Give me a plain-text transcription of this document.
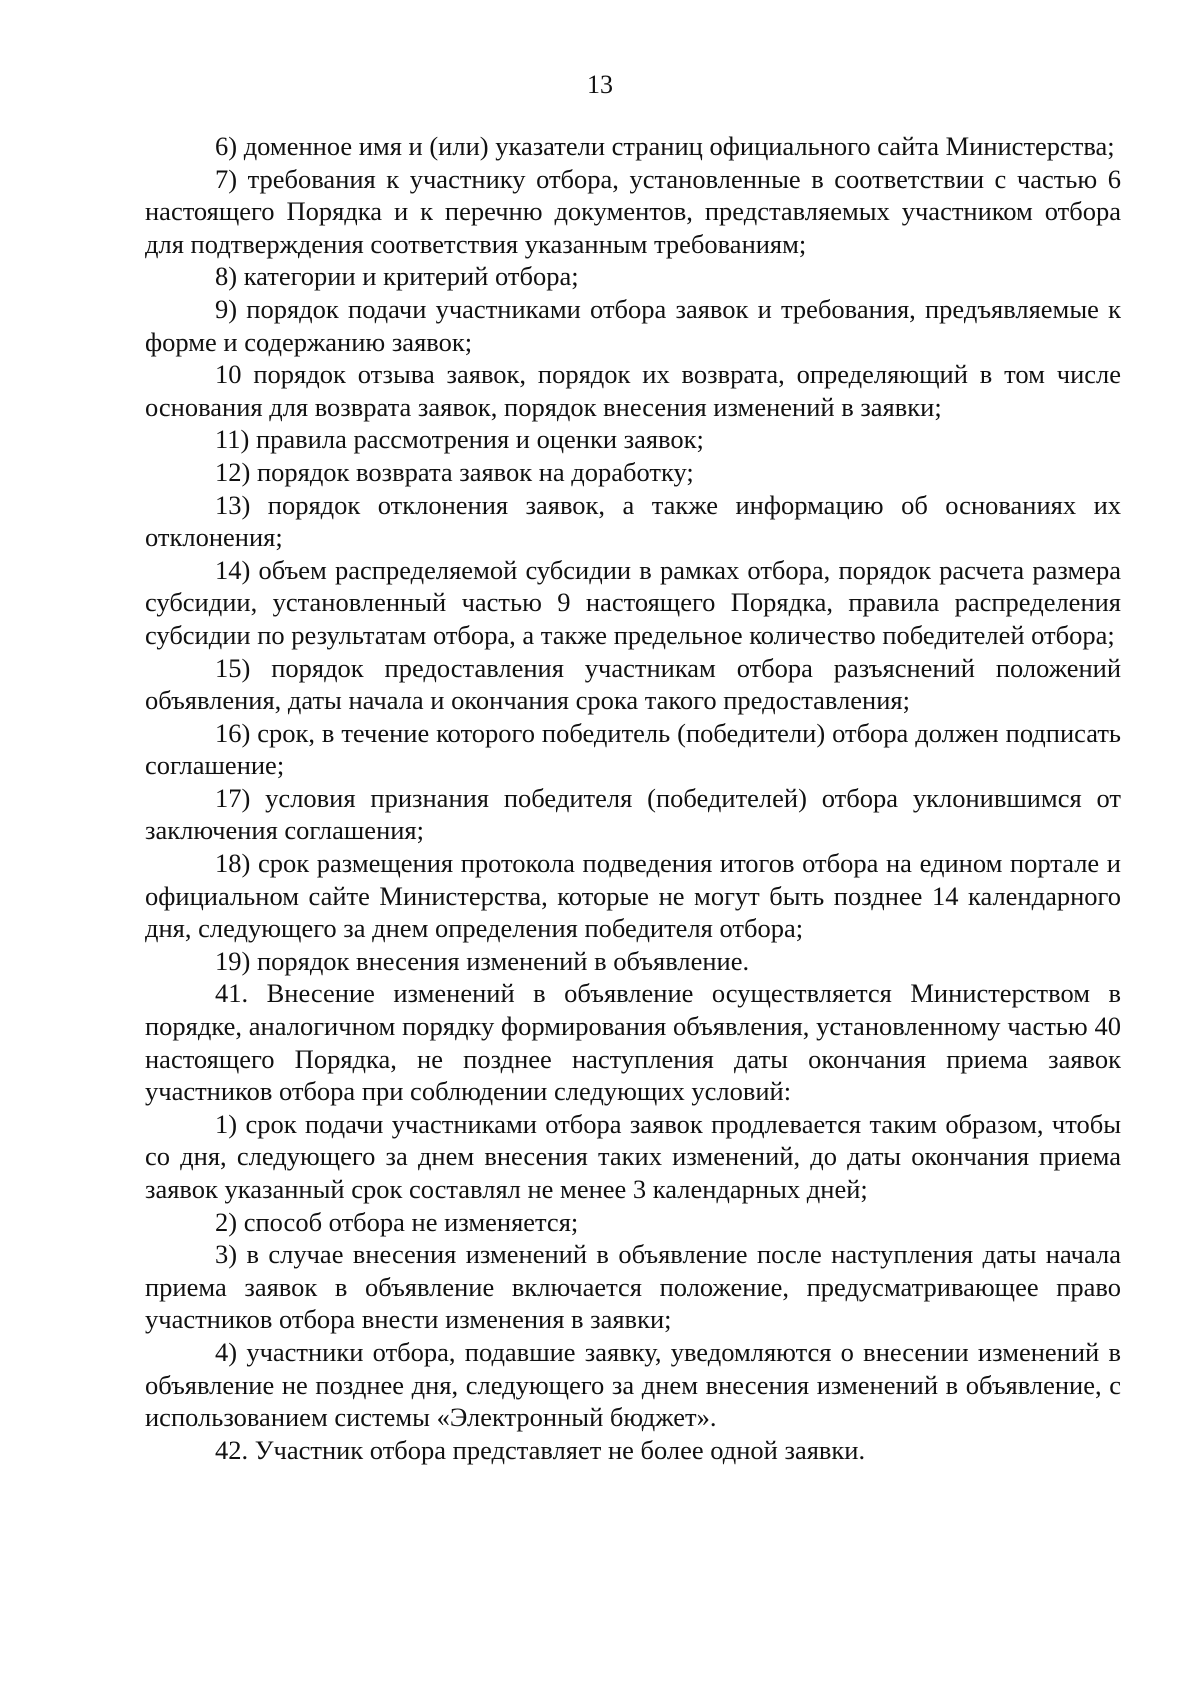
13

6) доменное имя и (или) указатели страниц официального сайта Министерства;

7) требования к участнику отбора, установленные в соответствии с частью 6 настоящего Порядка и к перечню документов, представляемых участником отбора для подтверждения соответствия указанным требованиям;

8) категории и критерий отбора;

9) порядок подачи участниками отбора заявок и требования, предъявляемые к форме и содержанию заявок;

10 порядок отзыва заявок, порядок их возврата, определяющий в том числе основания для возврата заявок, порядок внесения изменений в заявки;

11) правила рассмотрения и оценки заявок;

12) порядок возврата заявок на доработку;

13) порядок отклонения заявок, а также информацию об основаниях их отклонения;

14) объем распределяемой субсидии в рамках отбора, порядок расчета размера субсидии, установленный частью 9 настоящего Порядка, правила распределения субсидии по результатам отбора, а также предельное количество победителей отбора;

15) порядок предоставления участникам отбора разъяснений положений объявления, даты начала и окончания срока такого предоставления;

16) срок, в течение которого победитель (победители) отбора должен подписать соглашение;

17) условия признания победителя (победителей) отбора уклонившимся от заключения соглашения;

18) срок размещения протокола подведения итогов отбора на едином портале и официальном сайте Министерства, которые не могут быть позднее 14 календарного дня, следующего за днем определения победителя отбора;

19) порядок внесения изменений в объявление.

41. Внесение изменений в объявление осуществляется Министерством в порядке, аналогичном порядку формирования объявления, установленному частью 40 настоящего Порядка, не позднее наступления даты окончания приема заявок участников отбора при соблюдении следующих условий:

1) срок подачи участниками отбора заявок продлевается таким образом, чтобы со дня, следующего за днем внесения таких изменений, до даты окончания приема заявок указанный срок составлял не менее 3 календарных дней;

2) способ отбора не изменяется;

3) в случае внесения изменений в объявление после наступления даты начала приема заявок в объявление включается положение, предусматривающее право участников отбора внести изменения в заявки;

4) участники отбора, подавшие заявку, уведомляются о внесении изменений в объявление не позднее дня, следующего за днем внесения изменений в объявление, с использованием системы «Электронный бюджет».

42. Участник отбора представляет не более одной заявки.
